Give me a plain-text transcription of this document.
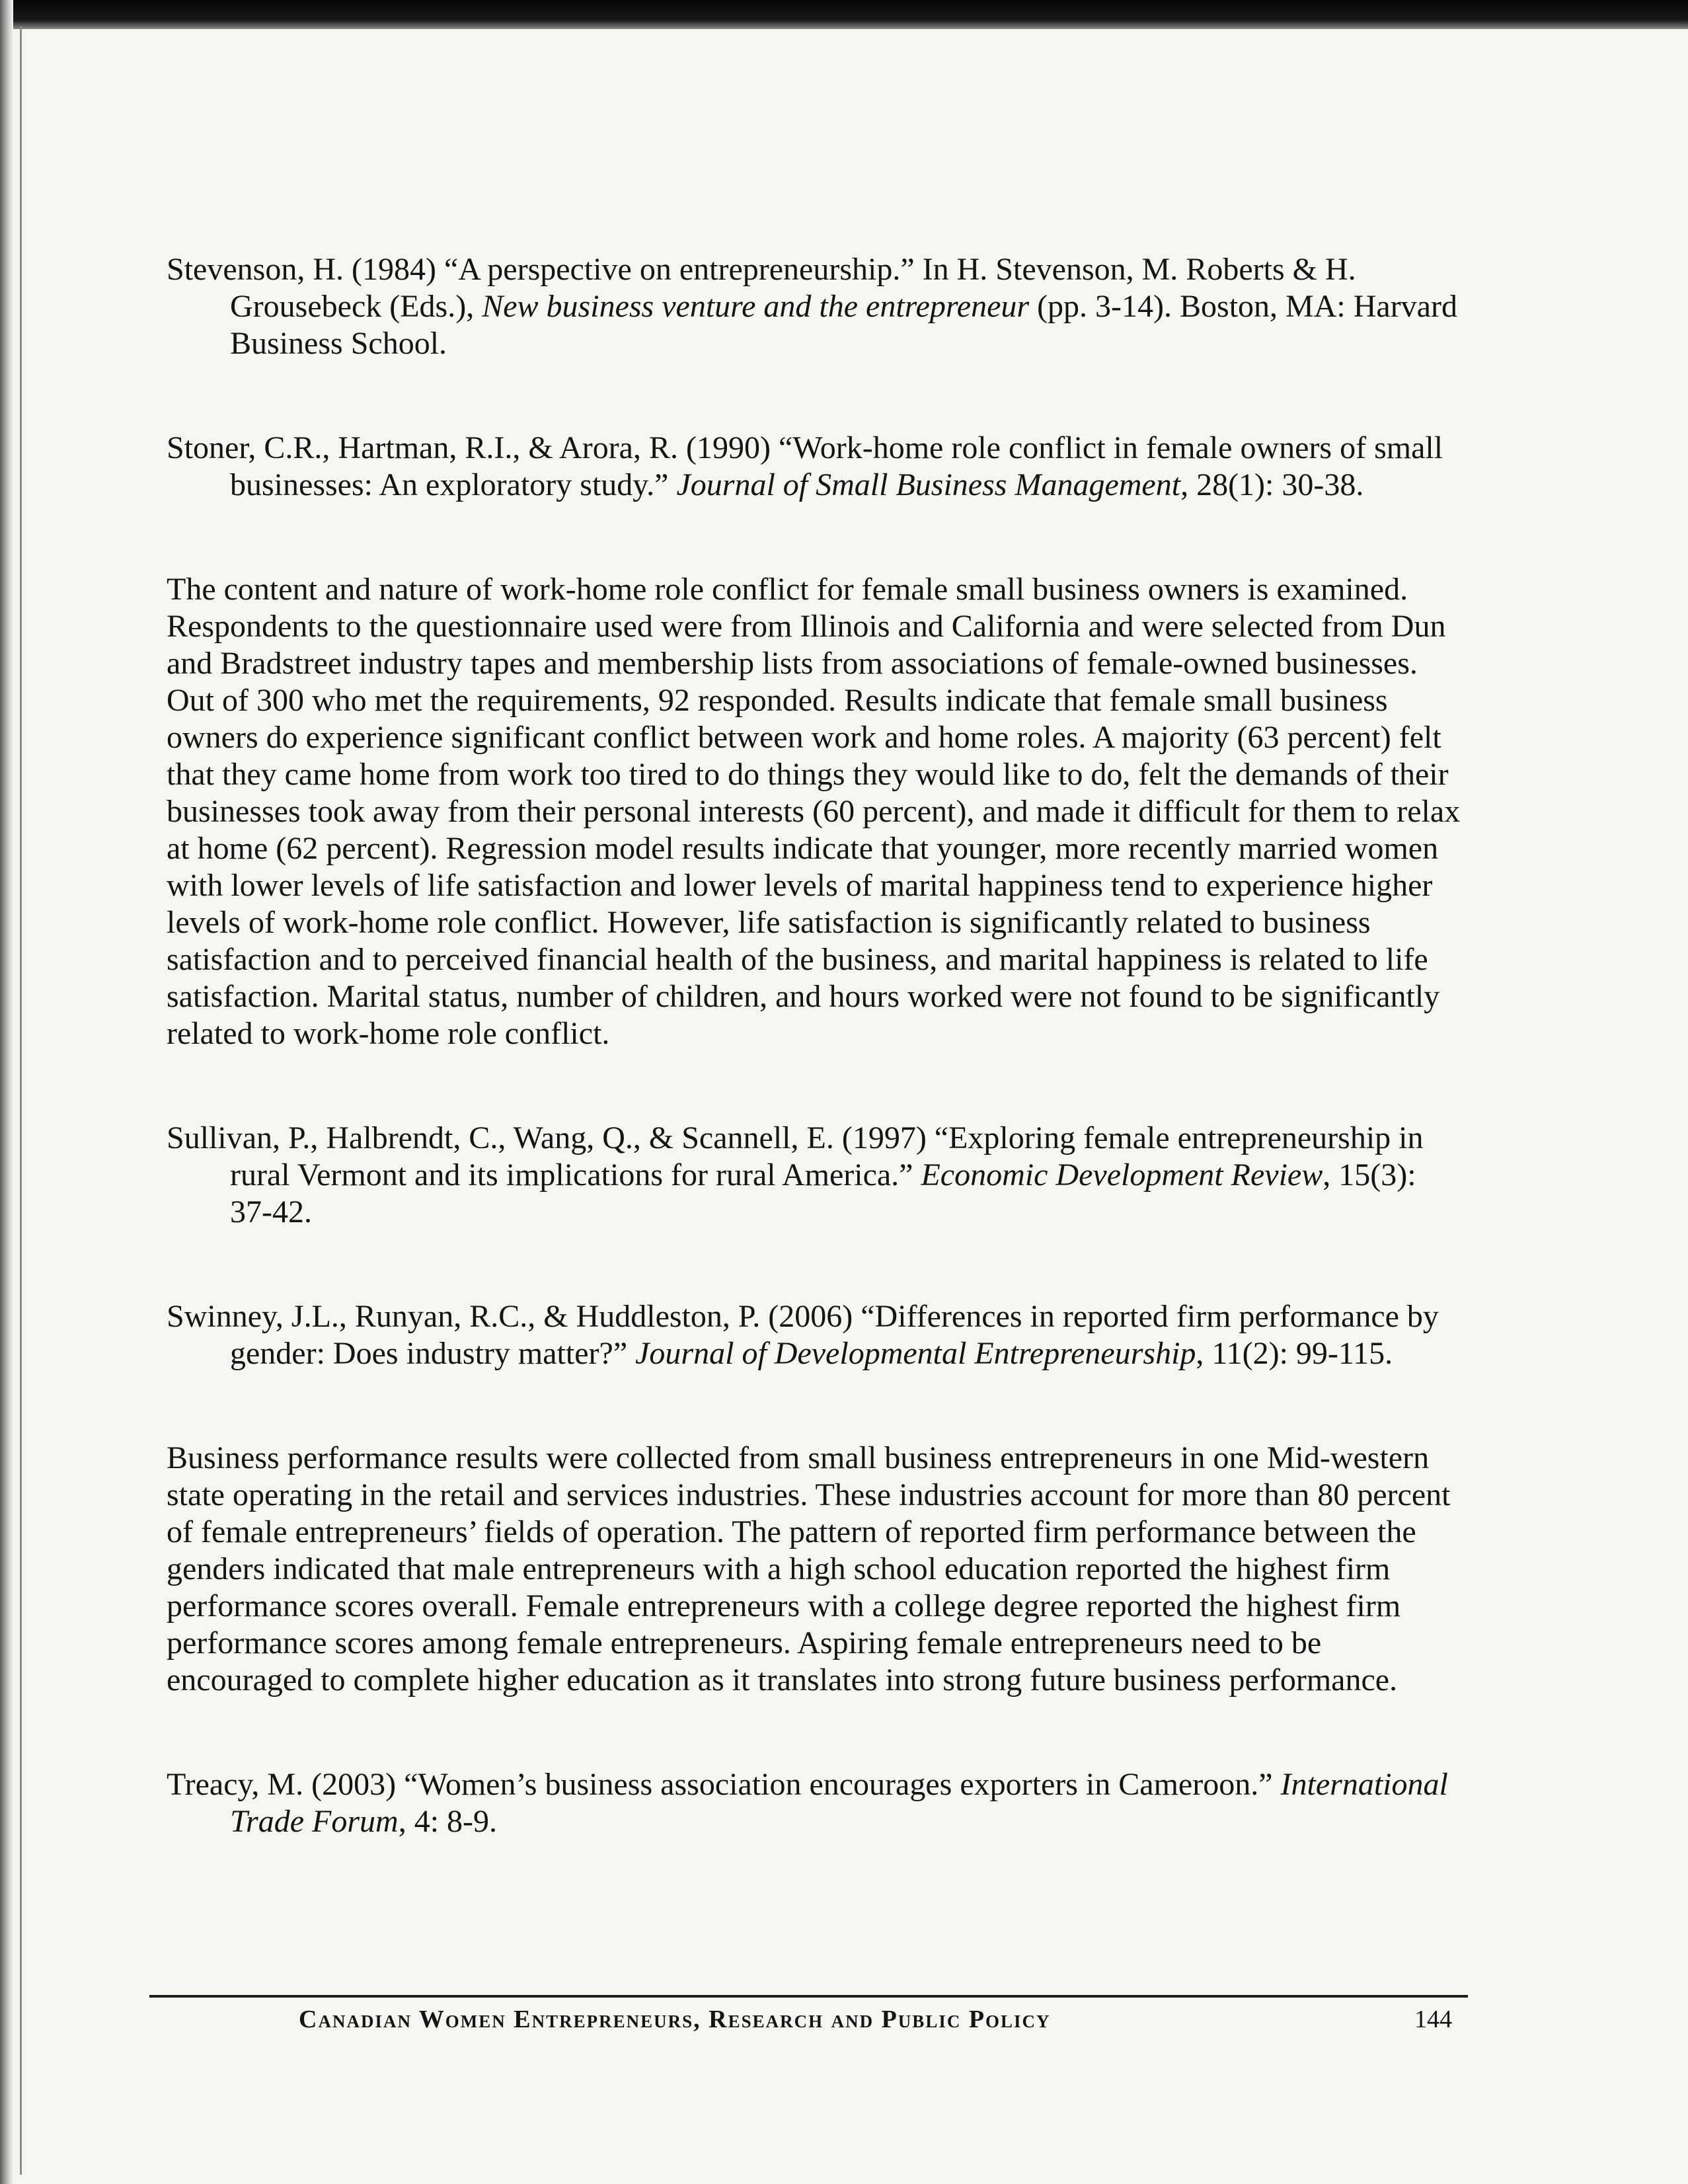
Stevenson, H. (1984) “A perspective on entrepreneurship.” In H. Stevenson, M. Roberts & H. Grousebeck (Eds.), New business venture and the entrepreneur (pp. 3-14). Boston, MA: Harvard Business School.

Stoner, C.R., Hartman, R.I., & Arora, R. (1990) “Work-home role conflict in female owners of small businesses: An exploratory study.” Journal of Small Business Management, 28(1): 30-38.

The content and nature of work-home role conflict for female small business owners is examined. Respondents to the questionnaire used were from Illinois and California and were selected from Dun and Bradstreet industry tapes and membership lists from associations of female-owned businesses. Out of 300 who met the requirements, 92 responded. Results indicate that female small business owners do experience significant conflict between work and home roles. A majority (63 percent) felt that they came home from work too tired to do things they would like to do, felt the demands of their businesses took away from their personal interests (60 percent), and made it difficult for them to relax at home (62 percent). Regression model results indicate that younger, more recently married women with lower levels of life satisfaction and lower levels of marital happiness tend to experience higher levels of work-home role conflict. However, life satisfaction is significantly related to business satisfaction and to perceived financial health of the business, and marital happiness is related to life satisfaction. Marital status, number of children, and hours worked were not found to be significantly related to work-home role conflict.

Sullivan, P., Halbrendt, C., Wang, Q., & Scannell, E. (1997) “Exploring female entrepreneurship in rural Vermont and its implications for rural America.” Economic Development Review, 15(3): 37-42.

Swinney, J.L., Runyan, R.C., & Huddleston, P. (2006) “Differences in reported firm performance by gender: Does industry matter?” Journal of Developmental Entrepreneurship, 11(2): 99-115.

Business performance results were collected from small business entrepreneurs in one Mid-western state operating in the retail and services industries. These industries account for more than 80 percent of female entrepreneurs’ fields of operation. The pattern of reported firm performance between the genders indicated that male entrepreneurs with a high school education reported the highest firm performance scores overall. Female entrepreneurs with a college degree reported the highest firm performance scores among female entrepreneurs. Aspiring female entrepreneurs need to be encouraged to complete higher education as it translates into strong future business performance.

Treacy, M. (2003) “Women’s business association encourages exporters in Cameroon.” International Trade Forum, 4: 8-9.

Canadian Women Entrepreneurs, Research and Public Policy	144
